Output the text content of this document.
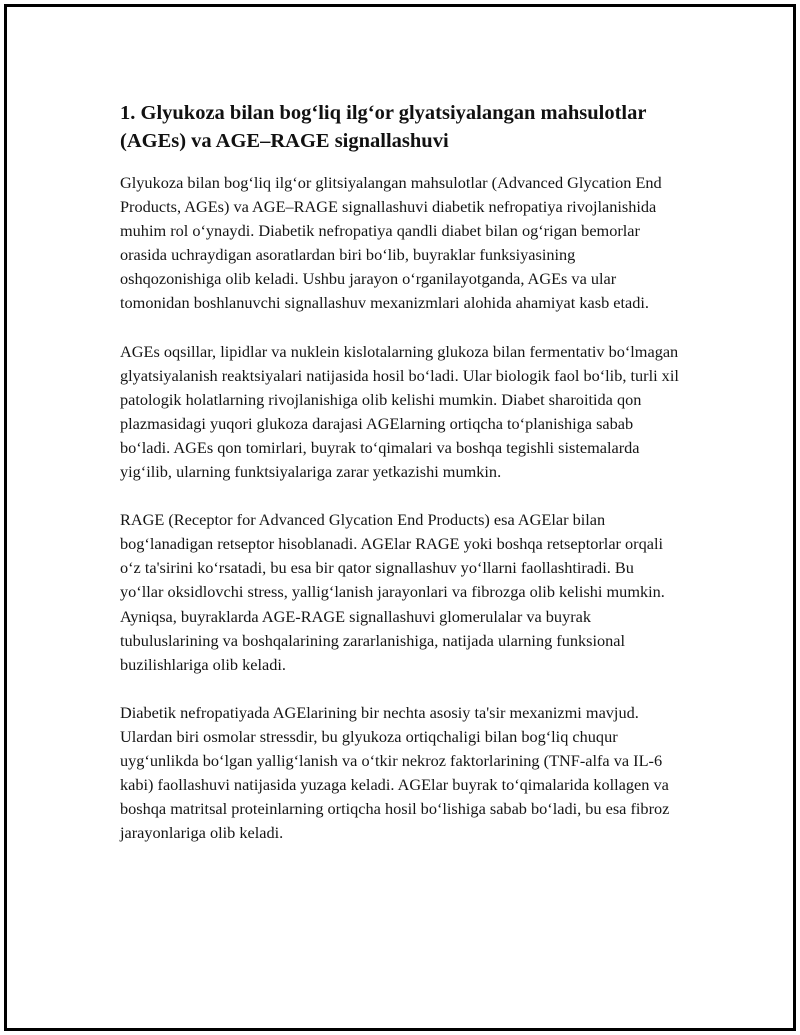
1. Glyukoza bilan bog‘liq ilg‘or glyatsiyalangan mahsulotlar (AGEs) va AGE–RAGE signallashuvi

Glyukoza bilan bog‘liq ilg‘or glitsiyalangan mahsulotlar (Advanced Glycation End Products, AGEs) va AGE–RAGE signallashuvi diabetik nefropatiya rivojlanishida muhim rol o‘ynaydi. Diabetik nefropatiya qandli diabet bilan og‘rigan bemorlar orasida uchraydigan asoratlardan biri bo‘lib, buyraklar funksiyasining oshqozonishiga olib keladi. Ushbu jarayon o‘rganilayotganda, AGEs va ular tomonidan boshlanuvchi signallashuv mexanizmlari alohida ahamiyat kasb etadi.

AGEs oqsillar, lipidlar va nuklein kislotalarning glukoza bilan fermentativ bo‘lmagan glyatsiyalanish reaktsiyalari natijasida hosil bo‘ladi. Ular biologik faol bo‘lib, turli xil patologik holatlarning rivojlanishiga olib kelishi mumkin. Diabet sharoitida qon plazmasidagi yuqori glukoza darajasi AGElarning ortiqcha to‘planishiga sabab bo‘ladi. AGEs qon tomirlari, buyrak to‘qimalari va boshqa tegishli sistemalarda yig‘ilib, ularning funktsiyalariga zarar yetkazishi mumkin.

RAGE (Receptor for Advanced Glycation End Products) esa AGElar bilan bog‘lanadigan retseptor hisoblanadi. AGElar RAGE yoki boshqa retseptorlar orqali o‘z ta'sirini ko‘rsatadi, bu esa bir qator signallashuv yo‘llarni faollashtiradi. Bu yo‘llar oksidlovchi stress, yallig‘lanish jarayonlari va fibrozga olib kelishi mumkin. Ayniqsa, buyraklarda AGE-RAGE signallashuvi glomerulalar va buyrak tubuluslarining va boshqalarining zararlanishiga, natijada ularning funksional buzilishlariga olib keladi.

Diabetik nefropatiyada AGElarining bir nechta asosiy ta'sir mexanizmi mavjud. Ulardan biri osmolar stressdir, bu glyukoza ortiqchaligi bilan bog‘liq chuqur uyg‘unlikda bo‘lgan yallig‘lanish va o‘tkir nekroz faktorlarining (TNF-alfa va IL-6 kabi) faollashuvi natijasida yuzaga keladi. AGElar buyrak to‘qimalarida kollagen va boshqa matritsal proteinlarning ortiqcha hosil bo‘lishiga sabab bo‘ladi, bu esa fibroz jarayonlariga olib keladi.
